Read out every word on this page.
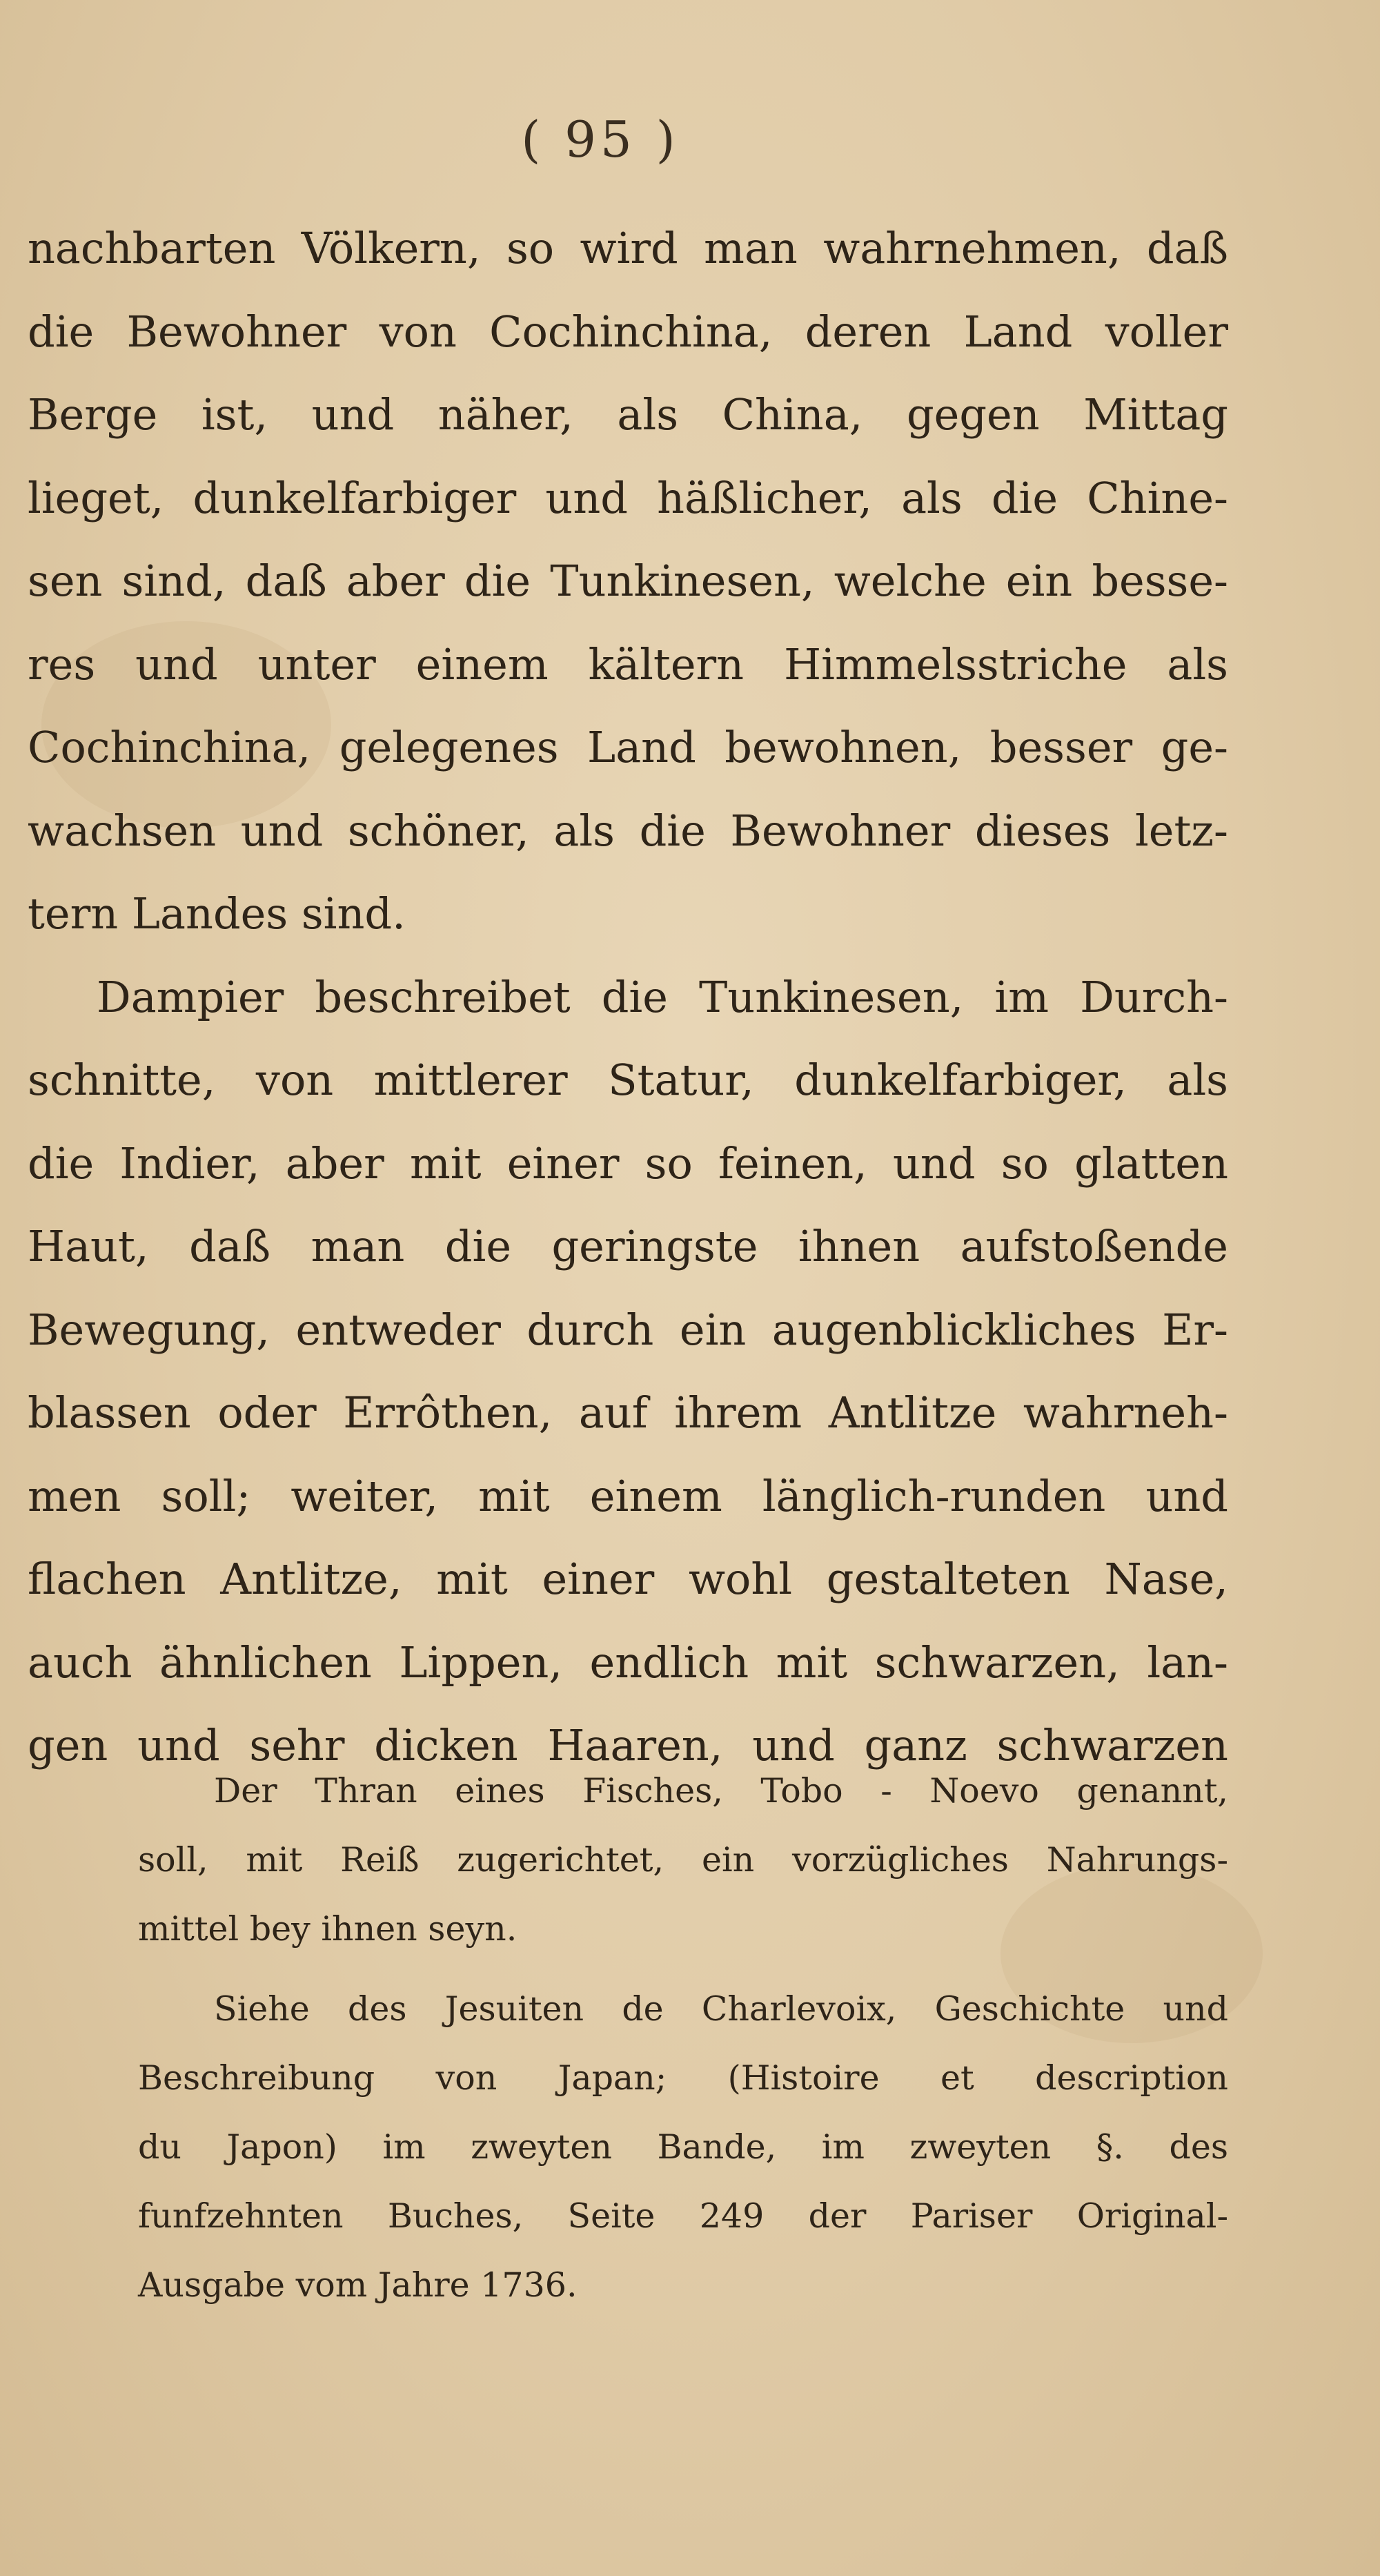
( 95 )
nachbarten Völkern, so wird man wahrnehmen, daß
die Bewohner von Cochinchina, deren Land voller
Berge ist, und näher, als China, gegen Mittag
lieget, dunkelfarbiger und häßlicher, als die Chine-
sen sind, daß aber die Tunkinesen, welche ein besse-
res und unter einem kältern Himmelsstriche als
Cochinchina, gelegenes Land bewohnen, besser ge-
wachsen und schöner, als die Bewohner dieses letz-
tern Landes sind.
Dampier beschreibet die Tunkinesen, im Durch-
schnitte, von mittlerer Statur, dunkelfarbiger, als
die Indier, aber mit einer so feinen, und so glatten
Haut, daß man die geringste ihnen aufstoßende
Bewegung, entweder durch ein augenblickliches Er-
blassen oder Errôthen, auf ihrem Antlitze wahrneh-
men soll; weiter, mit einem länglich-runden und
flachen Antlitze, mit einer wohl gestalteten Nase,
auch ähnlichen Lippen, endlich mit schwarzen, lan-
gen und sehr dicken Haaren, und ganz schwarzen
Der Thran eines Fisches, Tobo - Noevo genannt,
soll, mit Reiß zugerichtet, ein vorzügliches Nahrungs-
mittel bey ihnen seyn.
Siehe des Jesuiten de Charlevoix, Geschichte und
Beschreibung von Japan; (Histoire et description
du Japon) im zweyten Bande, im zweyten §. des
funfzehnten Buches, Seite 249 der Pariser Original-
Ausgabe vom Jahre 1736.
